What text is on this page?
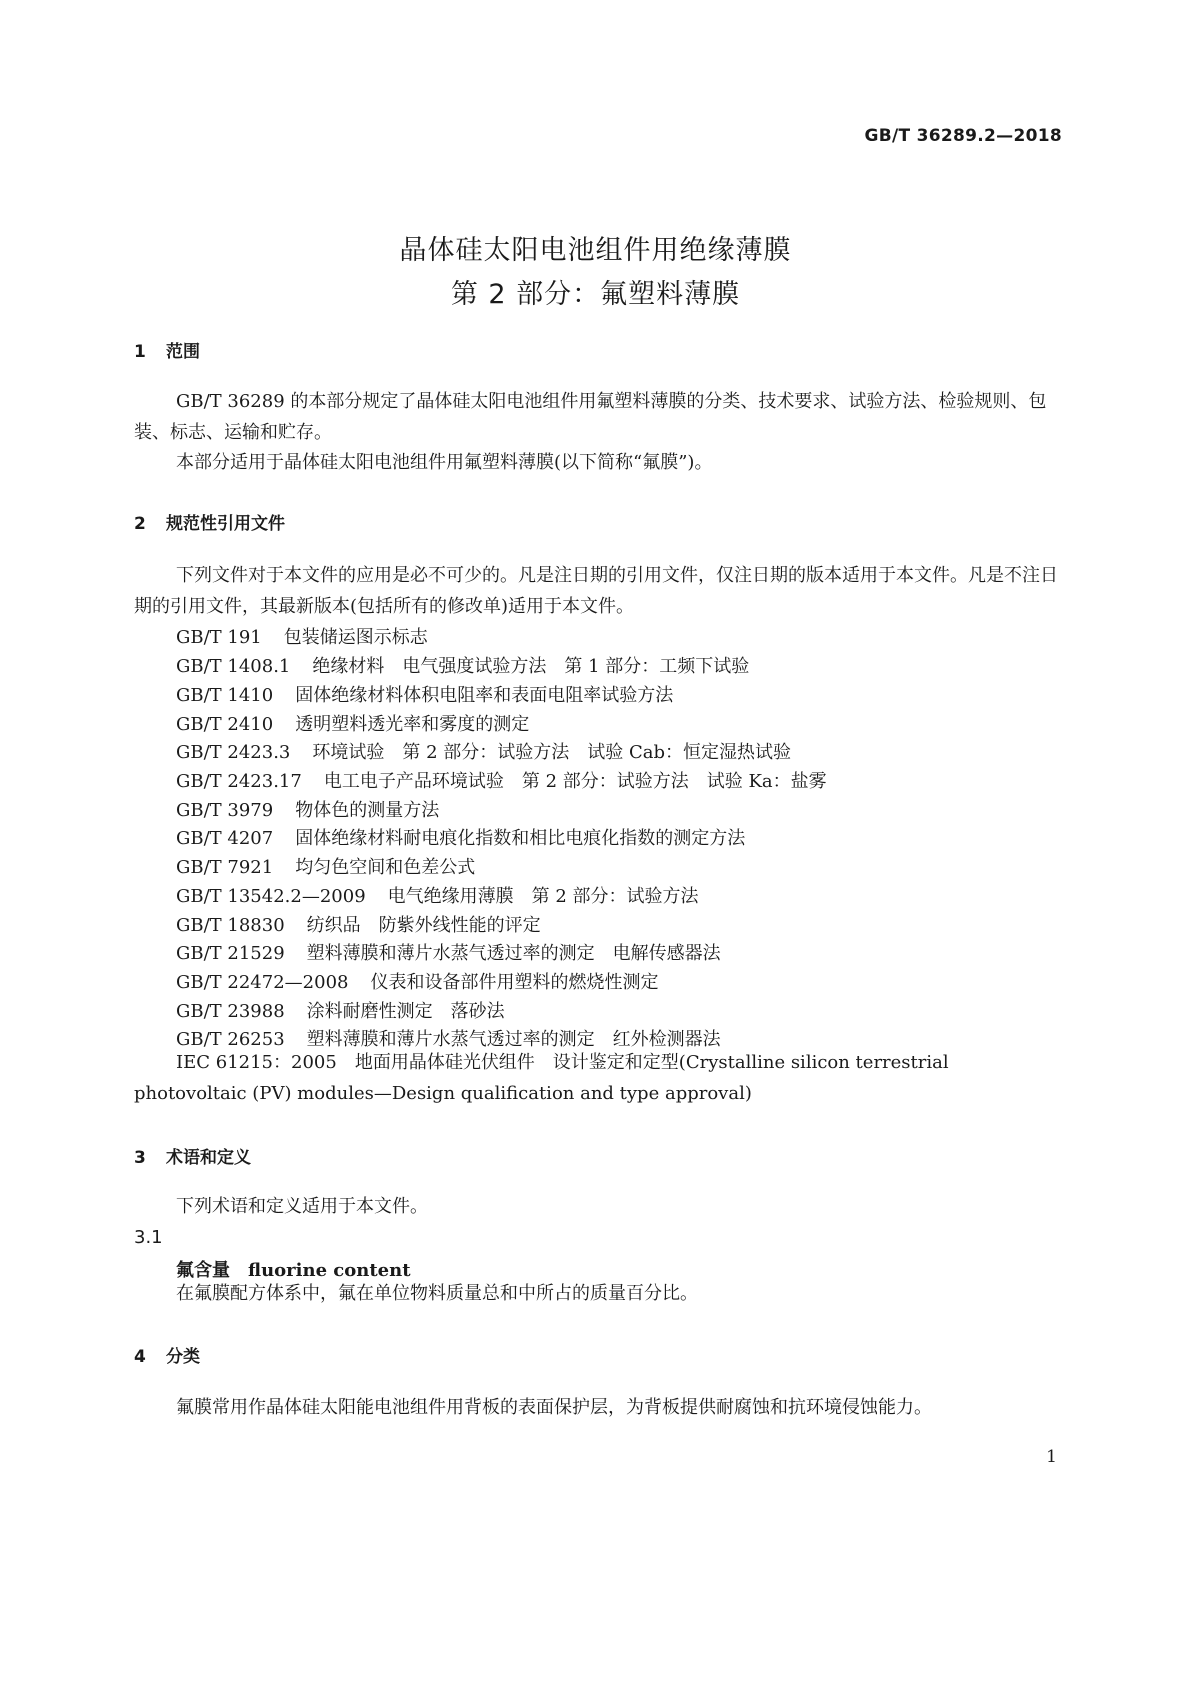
GB/T 36289.2—2018
晶体硅太阳电池组件用绝缘薄膜
第 2 部分：氟塑料薄膜
1 范围

GB/T 36289 的本部分规定了晶体硅太阳电池组件用氟塑料薄膜的分类、技术要求、试验方法、检验规则、包装、标志、运输和贮存。

本部分适用于晶体硅太阳电池组件用氟塑料薄膜(以下简称“氟膜”)。

2 规范性引用文件

下列文件对于本文件的应用是必不可少的。凡是注日期的引用文件，仅注日期的版本适用于本文件。凡是不注日期的引用文件，其最新版本(包括所有的修改单)适用于本文件。

GB/T 191 包装储运图示标志
GB/T 1408.1 绝缘材料　电气强度试验方法　第 1 部分：工频下试验
GB/T 1410 固体绝缘材料体积电阻率和表面电阻率试验方法
GB/T 2410 透明塑料透光率和雾度的测定
GB/T 2423.3 环境试验　第 2 部分：试验方法　试验 Cab：恒定湿热试验
GB/T 2423.17 电工电子产品环境试验　第 2 部分：试验方法　试验 Ka：盐雾
GB/T 3979 物体色的测量方法
GB/T 4207 固体绝缘材料耐电痕化指数和相比电痕化指数的测定方法
GB/T 7921 均匀色空间和色差公式
GB/T 13542.2—2009 电气绝缘用薄膜　第 2 部分：试验方法
GB/T 18830 纺织品　防紫外线性能的评定
GB/T 21529 塑料薄膜和薄片水蒸气透过率的测定　电解传感器法
GB/T 22472—2008 仪表和设备部件用塑料的燃烧性测定
GB/T 23988 涂料耐磨性测定　落砂法
GB/T 26253 塑料薄膜和薄片水蒸气透过率的测定　红外检测器法

IEC 61215：2005　地面用晶体硅光伏组件　设计鉴定和定型(Crystalline silicon terrestrial photovoltaic (PV) modules—Design qualification and type approval)

3 术语和定义

下列术语和定义适用于本文件。

3.1
氟含量 fluorine content

在氟膜配方体系中，氟在单位物料质量总和中所占的质量百分比。

4 分类

氟膜常用作晶体硅太阳能电池组件用背板的表面保护层，为背板提供耐腐蚀和抗环境侵蚀能力。

1
